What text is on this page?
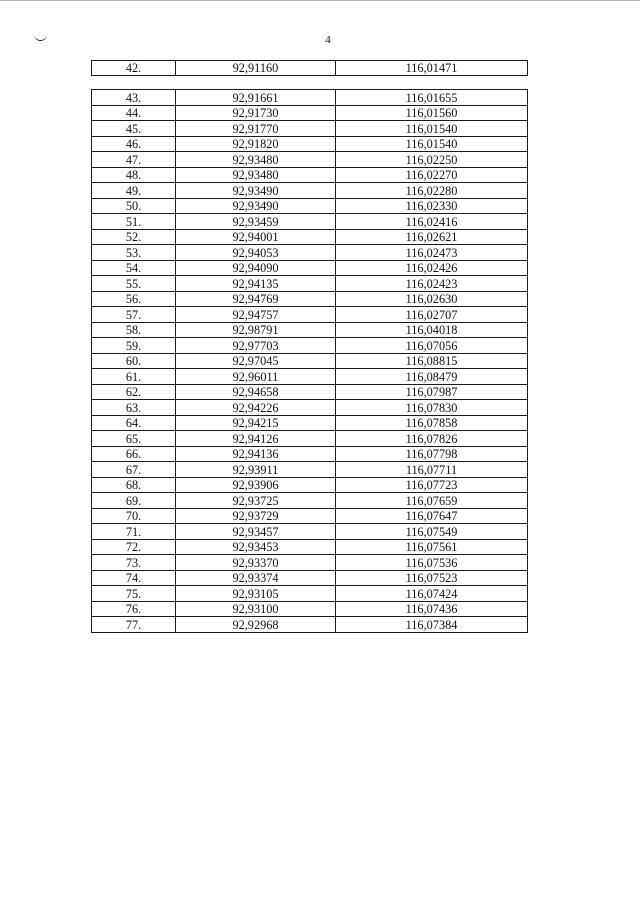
4
42.	92,91160	116,01471
43.	92,91661	116,01655
44.	92,91730	116,01560
45.	92,91770	116,01540
46.	92,91820	116,01540
47.	92,93480	116,02250
48.	92,93480	116,02270
49.	92,93490	116,02280
50.	92,93490	116,02330
51.	92,93459	116,02416
52.	92,94001	116,02621
53.	92,94053	116,02473
54.	92,94090	116,02426
55.	92,94135	116,02423
56.	92,94769	116,02630
57.	92,94757	116,02707
58.	92,98791	116,04018
59.	92,97703	116,07056
60.	92,97045	116,08815
61.	92,96011	116,08479
62.	92,94658	116,07987
63.	92,94226	116,07830
64.	92,94215	116,07858
65.	92,94126	116,07826
66.	92,94136	116,07798
67.	92,93911	116,07711
68.	92,93906	116,07723
69.	92,93725	116,07659
70.	92,93729	116,07647
71.	92,93457	116,07549
72.	92,93453	116,07561
73.	92,93370	116,07536
74.	92,93374	116,07523
75.	92,93105	116,07424
76.	92,93100	116,07436
77.	92,92968	116,07384
